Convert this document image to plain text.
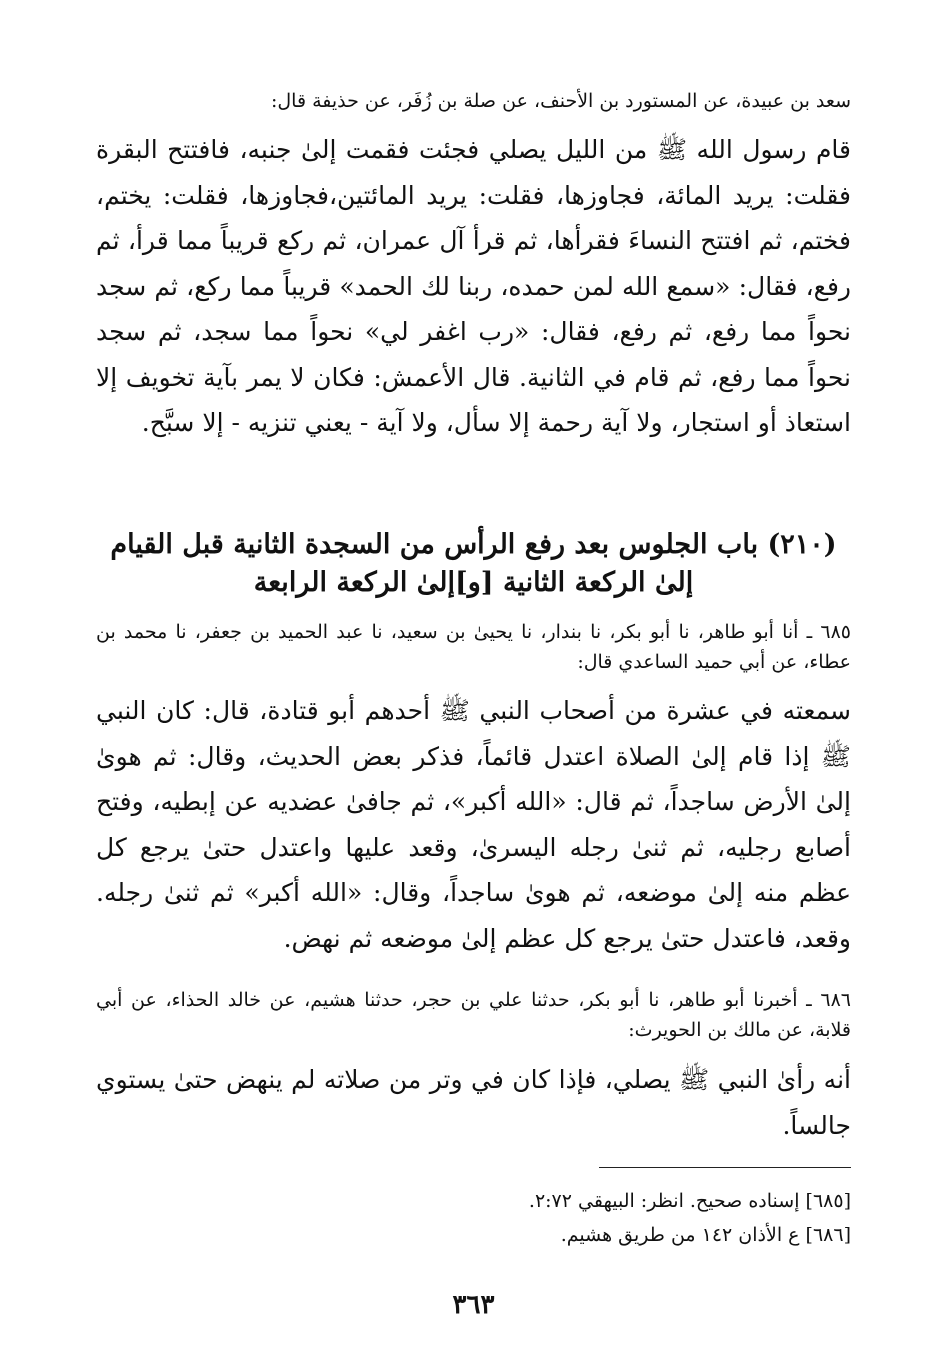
سعد بن عبيدة، عن المستورد بن الأحنف، عن صلة بن زُفَر، عن حذيفة قال:

قام رسول الله ﷺ من الليل يصلي فجئت فقمت إلىٰ جنبه، فافتتح البقرة فقلت: يريد المائة، فجاوزها، فقلت: يريد المائتين،فجاوزها، فقلت: يختم، فختم، ثم افتتح النساءَ فقرأها، ثم قرأ آل عمران، ثم ركع قريباً مما قرأ، ثم رفع، فقال: «سمع الله لمن حمده، ربنا لك الحمد» قريباً مما ركع، ثم سجد نحواً مما رفع، ثم رفع، فقال: «رب اغفر لي» نحواً مما سجد، ثم سجد نحواً مما رفع، ثم قام في الثانية. قال الأعمش: فكان لا يمر بآية تخويف إلا استعاذ أو استجار، ولا آية رحمة إلا سأل، ولا آية - يعني تنزيه - إلا سبَّح.

(٢١٠) باب الجلوس بعد رفع الرأس من السجدة الثانية قبل القيام
إلىٰ الركعة الثانية [و]إلىٰ الركعة الرابعة

٦٨٥ ـ أنا أبو طاهر، نا أبو بكر، نا بندار، نا يحيىٰ بن سعيد، نا عبد الحميد بن جعفر، نا محمد بن عطاء، عن أبي حميد الساعدي قال:

سمعته في عشرة من أصحاب النبي ﷺ أحدهم أبو قتادة، قال: كان النبي ﷺ إذا قام إلىٰ الصلاة اعتدل قائماً، فذكر بعض الحديث، وقال: ثم هوىٰ إلىٰ الأرض ساجداً، ثم قال: «الله أكبر»، ثم جافىٰ عضديه عن إبطيه، وفتح أصابع رجليه، ثم ثنىٰ رجله اليسرىٰ، وقعد عليها واعتدل حتىٰ يرجع كل عظم منه إلىٰ موضعه، ثم هوىٰ ساجداً، وقال: «الله أكبر» ثم ثنىٰ رجله. وقعد، فاعتدل حتىٰ يرجع كل عظم إلىٰ موضعه ثم نهض.

٦٨٦ ـ أخبرنا أبو طاهر، نا أبو بكر، حدثنا علي بن حجر، حدثنا هشيم، عن خالد الحذاء، عن أبي قلابة، عن مالك بن الحويرث:

أنه رأىٰ النبي ﷺ يصلي، فإذا كان في وتر من صلاته لم ينهض حتىٰ يستوي جالساً.

[٦٨٥] إسناده صحيح. انظر: البيهقي ٢:٧٢.

[٦٨٦] ع الأذان ١٤٢ من طريق هشيم.

٣٦٣
